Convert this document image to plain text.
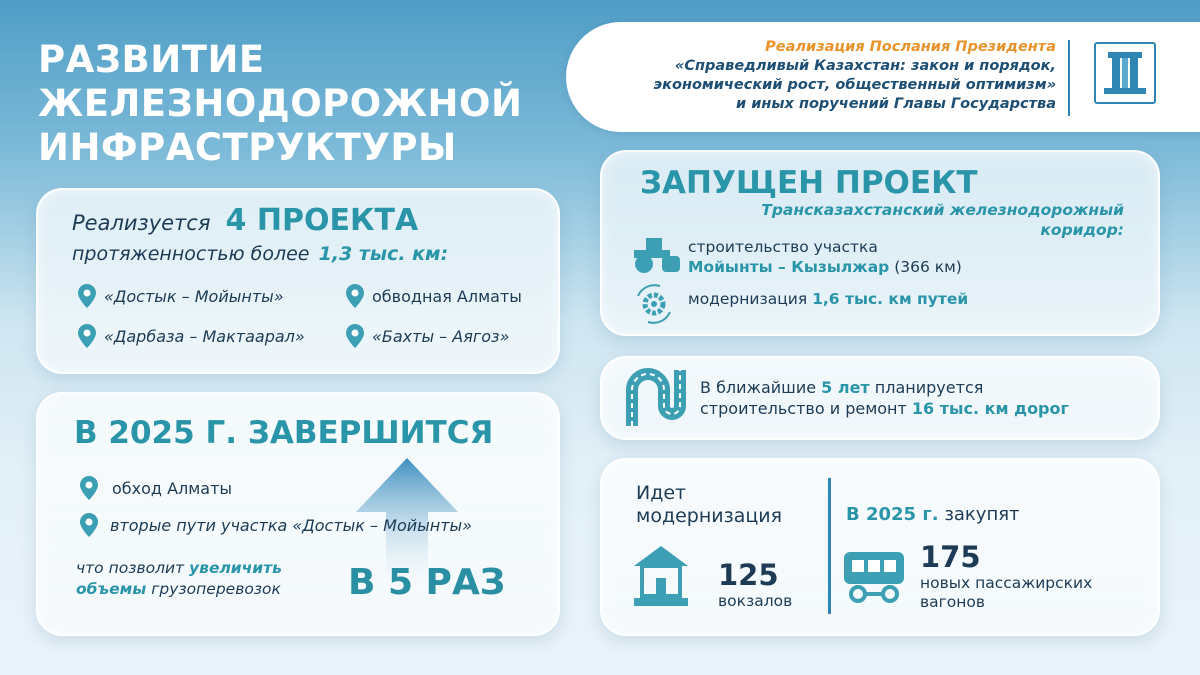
РАЗВИТИЕ
ЖЕЛЕЗНОДОРОЖНОЙ
ИНФРАСТРУКТУРЫ
Реализация Послания Президента
«Справедливый Казахстан: закон и порядок,
экономический рост, общественный оптимизм»
и иных поручений Главы Государства
Реализуется 4 ПРОЕКТА
протяженностью более 1,3 тыс. км:
«Достык – Мойынты»	обводная Алматы
«Дарбаза – Мактаарал»	«Бахты – Аягоз»
В 2025 Г. ЗАВЕРШИТСЯ
обход Алматы
вторые пути участка «Достык – Мойынты»
что позволит увеличить
объемы грузоперевозок В 5 РАЗ
ЗАПУЩЕН ПРОЕКТ
Трансказахстанский железнодорожный
коридор:
строительство участка
Мойынты – Кызылжар (366 км)
модернизация 1,6 тыс. км путей
В ближайшие 5 лет планируется
строительство и ремонт 16 тыс. км дорог
Идет
модернизация
125
вокзалов
В 2025 г. закупят
175
новых пассажирских
вагонов
